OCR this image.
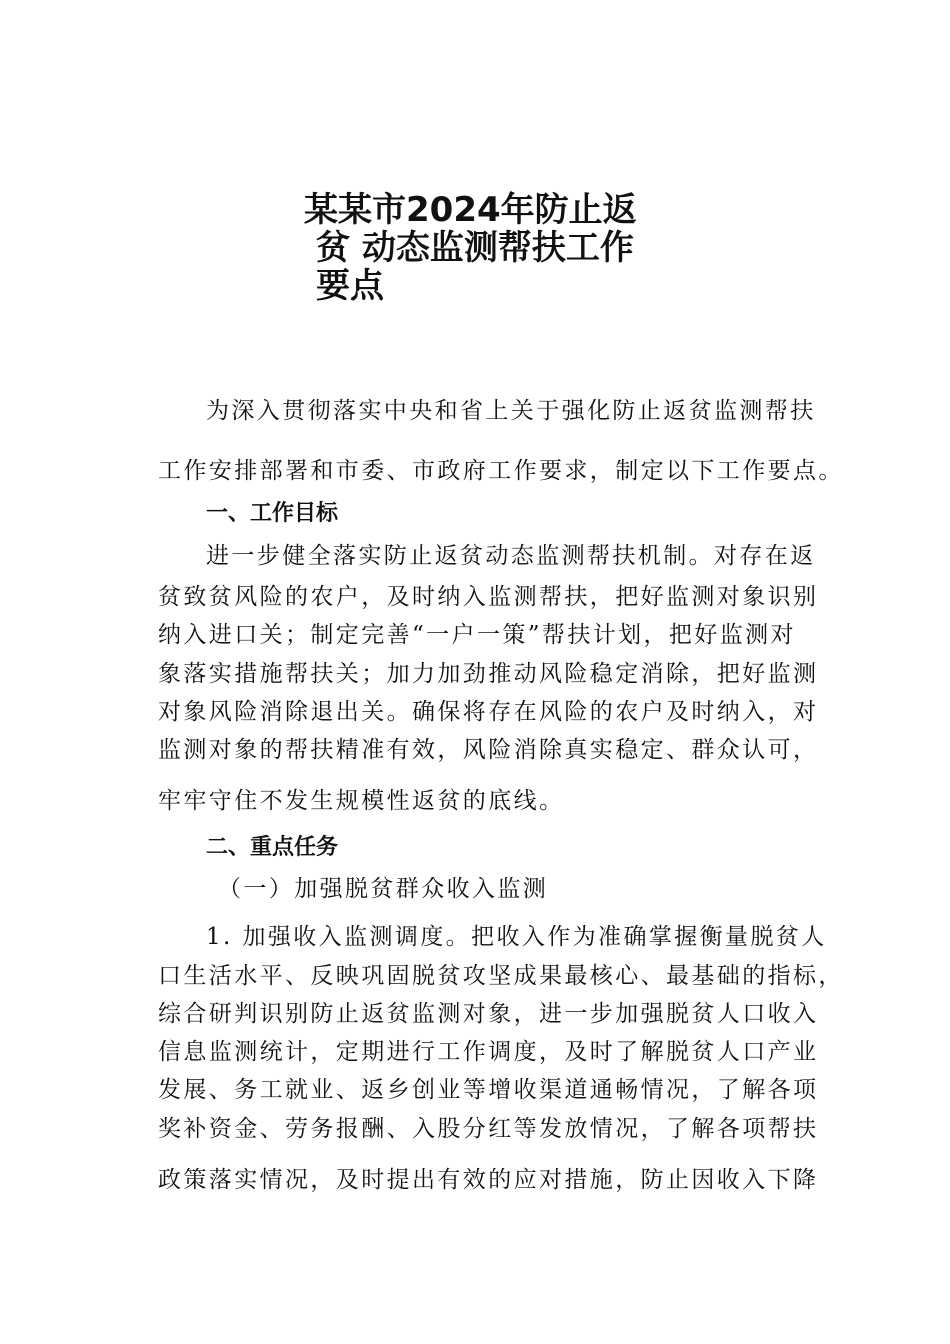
某某市2024年防止返

贫 动态监测帮扶工作

要点

为深入贯彻落实中央和省上关于强化防止返贫监测帮扶

工作安排部署和市委、市政府工作要求，制定以下工作要点。

一、工作目标

进一步健全落实防止返贫动态监测帮扶机制。对存在返

贫致贫风险的农户，及时纳入监测帮扶，把好监测对象识别

纳入进口关；制定完善“一户一策”帮扶计划，把好监测对

象落实措施帮扶关；加力加劲推动风险稳定消除，把好监测

对象风险消除退出关。确保将存在风险的农户及时纳入，对

监测对象的帮扶精准有效，风险消除真实稳定、群众认可，

牢牢守住不发生规模性返贫的底线。

二、重点任务

（一）加强脱贫群众收入监测

1. 加强收入监测调度。把收入作为准确掌握衡量脱贫人

口生活水平、反映巩固脱贫攻坚成果最核心、最基础的指标，

综合研判识别防止返贫监测对象，进一步加强脱贫人口收入

信息监测统计，定期进行工作调度，及时了解脱贫人口产业

发展、务工就业、返乡创业等增收渠道通畅情况，了解各项

奖补资金、劳务报酬、入股分红等发放情况，了解各项帮扶

政策落实情况，及时提出有效的应对措施，防止因收入下降
